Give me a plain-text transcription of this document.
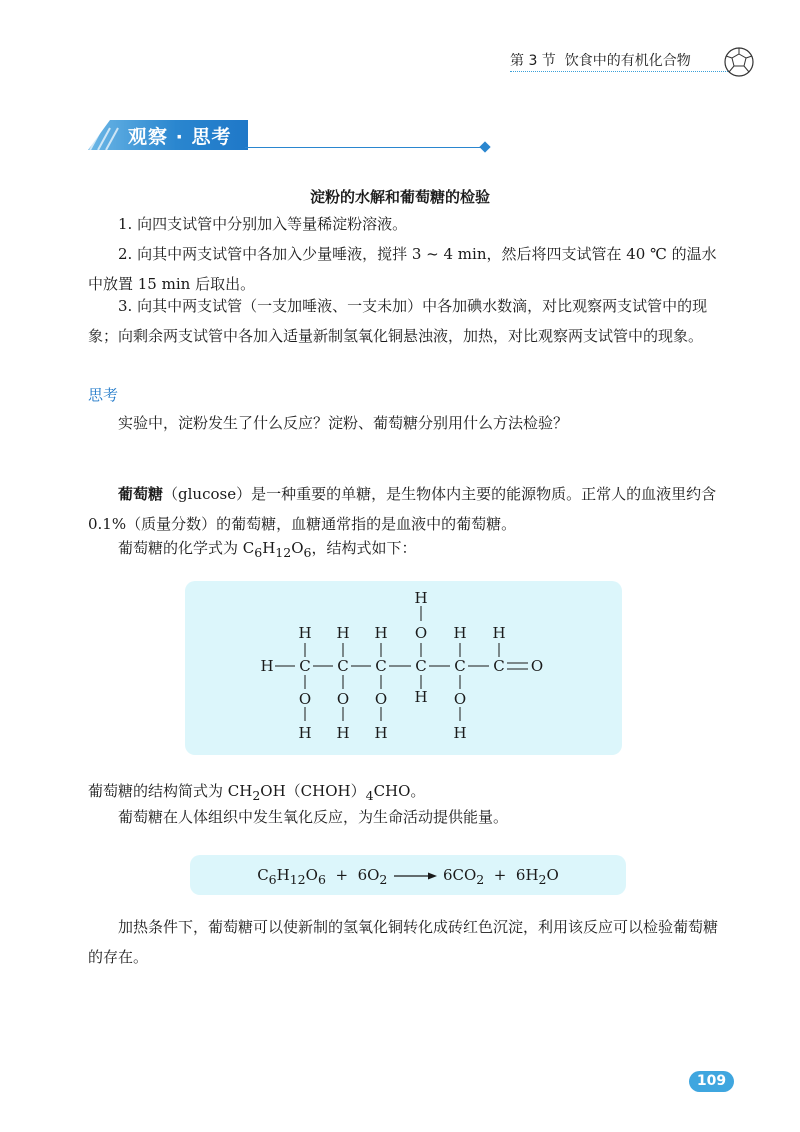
第 3 节 饮食中的有机化合物
观察 · 思考
淀粉的水解和葡萄糖的检验
1. 向四支试管中分别加入等量稀淀粉溶液。
2. 向其中两支试管中各加入少量唾液，搅拌 3 ~ 4 min，然后将四支试管在 40 ℃ 的温水中放置 15 min 后取出。
3. 向其中两支试管（一支加唾液、一支未加）中各加碘水数滴，对比观察两支试管中的现象；向剩余两支试管中各加入适量新制氢氧化铜悬浊液，加热，对比观察两支试管中的现象。
思考
实验中，淀粉发生了什么反应？淀粉、葡萄糖分别用什么方法检验？
葡萄糖（glucose）是一种重要的单糖，是生物体内主要的能源物质。正常人的血液里约含 0.1%（质量分数）的葡萄糖，血糖通常指的是血液中的葡萄糖。
葡萄糖的化学式为 $C_6H_{12}O_6$，结构式如下：
H
H H H O H H
H C C C C C C O
O O O H O
H H H	H
葡萄糖的结构简式为 $CH_2OH(CHOH)_4CHO$。
葡萄糖在人体组织中发生氧化反应，为生命活动提供能量。
$C_6H_{12}O_6 + 6O_2 \to 6CO_2 + 6H_2O$
加热条件下，葡萄糖可以使新制的氢氧化铜转化成砖红色沉淀，利用该反应可以检验葡萄糖的存在。
109
